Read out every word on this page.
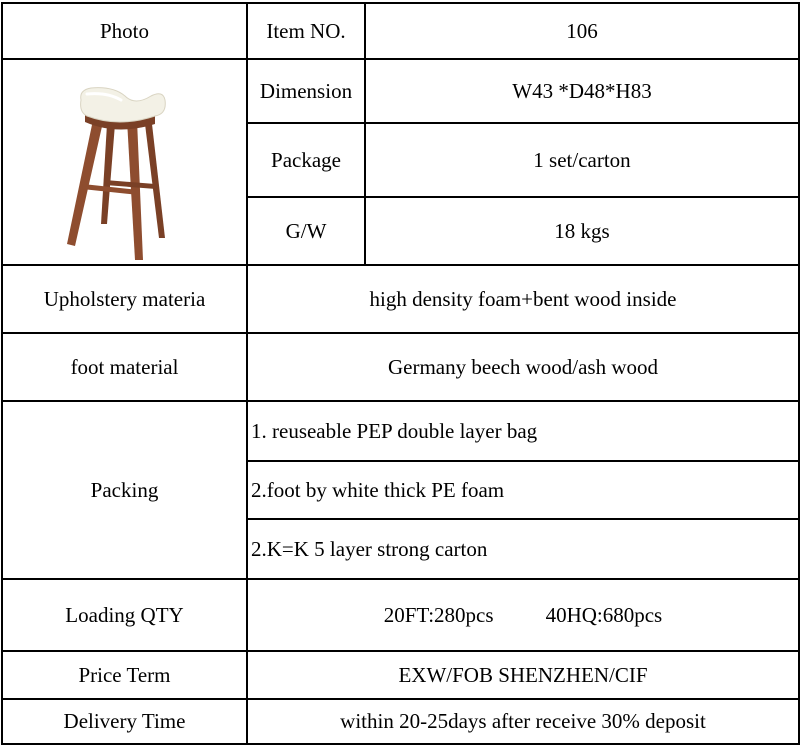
Photo	Item NO.	106

	Dimension	W43 *D48*H83
	Package	1 set/carton
	G/W	18 kgs
Upholstery materia	high density foam+bent wood inside	
foot material	Germany beech wood/ash wood	
Packing	1. reuseable PEP double layer bag	
	2.foot by white thick PE foam	
	2.K=K 5 layer strong carton	
Loading QTY	20FT:280pcs 40HQ:680pcs	
Price Term	EXW/FOB SHENZHEN/CIF	
Delivery Time	within 20-25days after receive 30% deposit	
